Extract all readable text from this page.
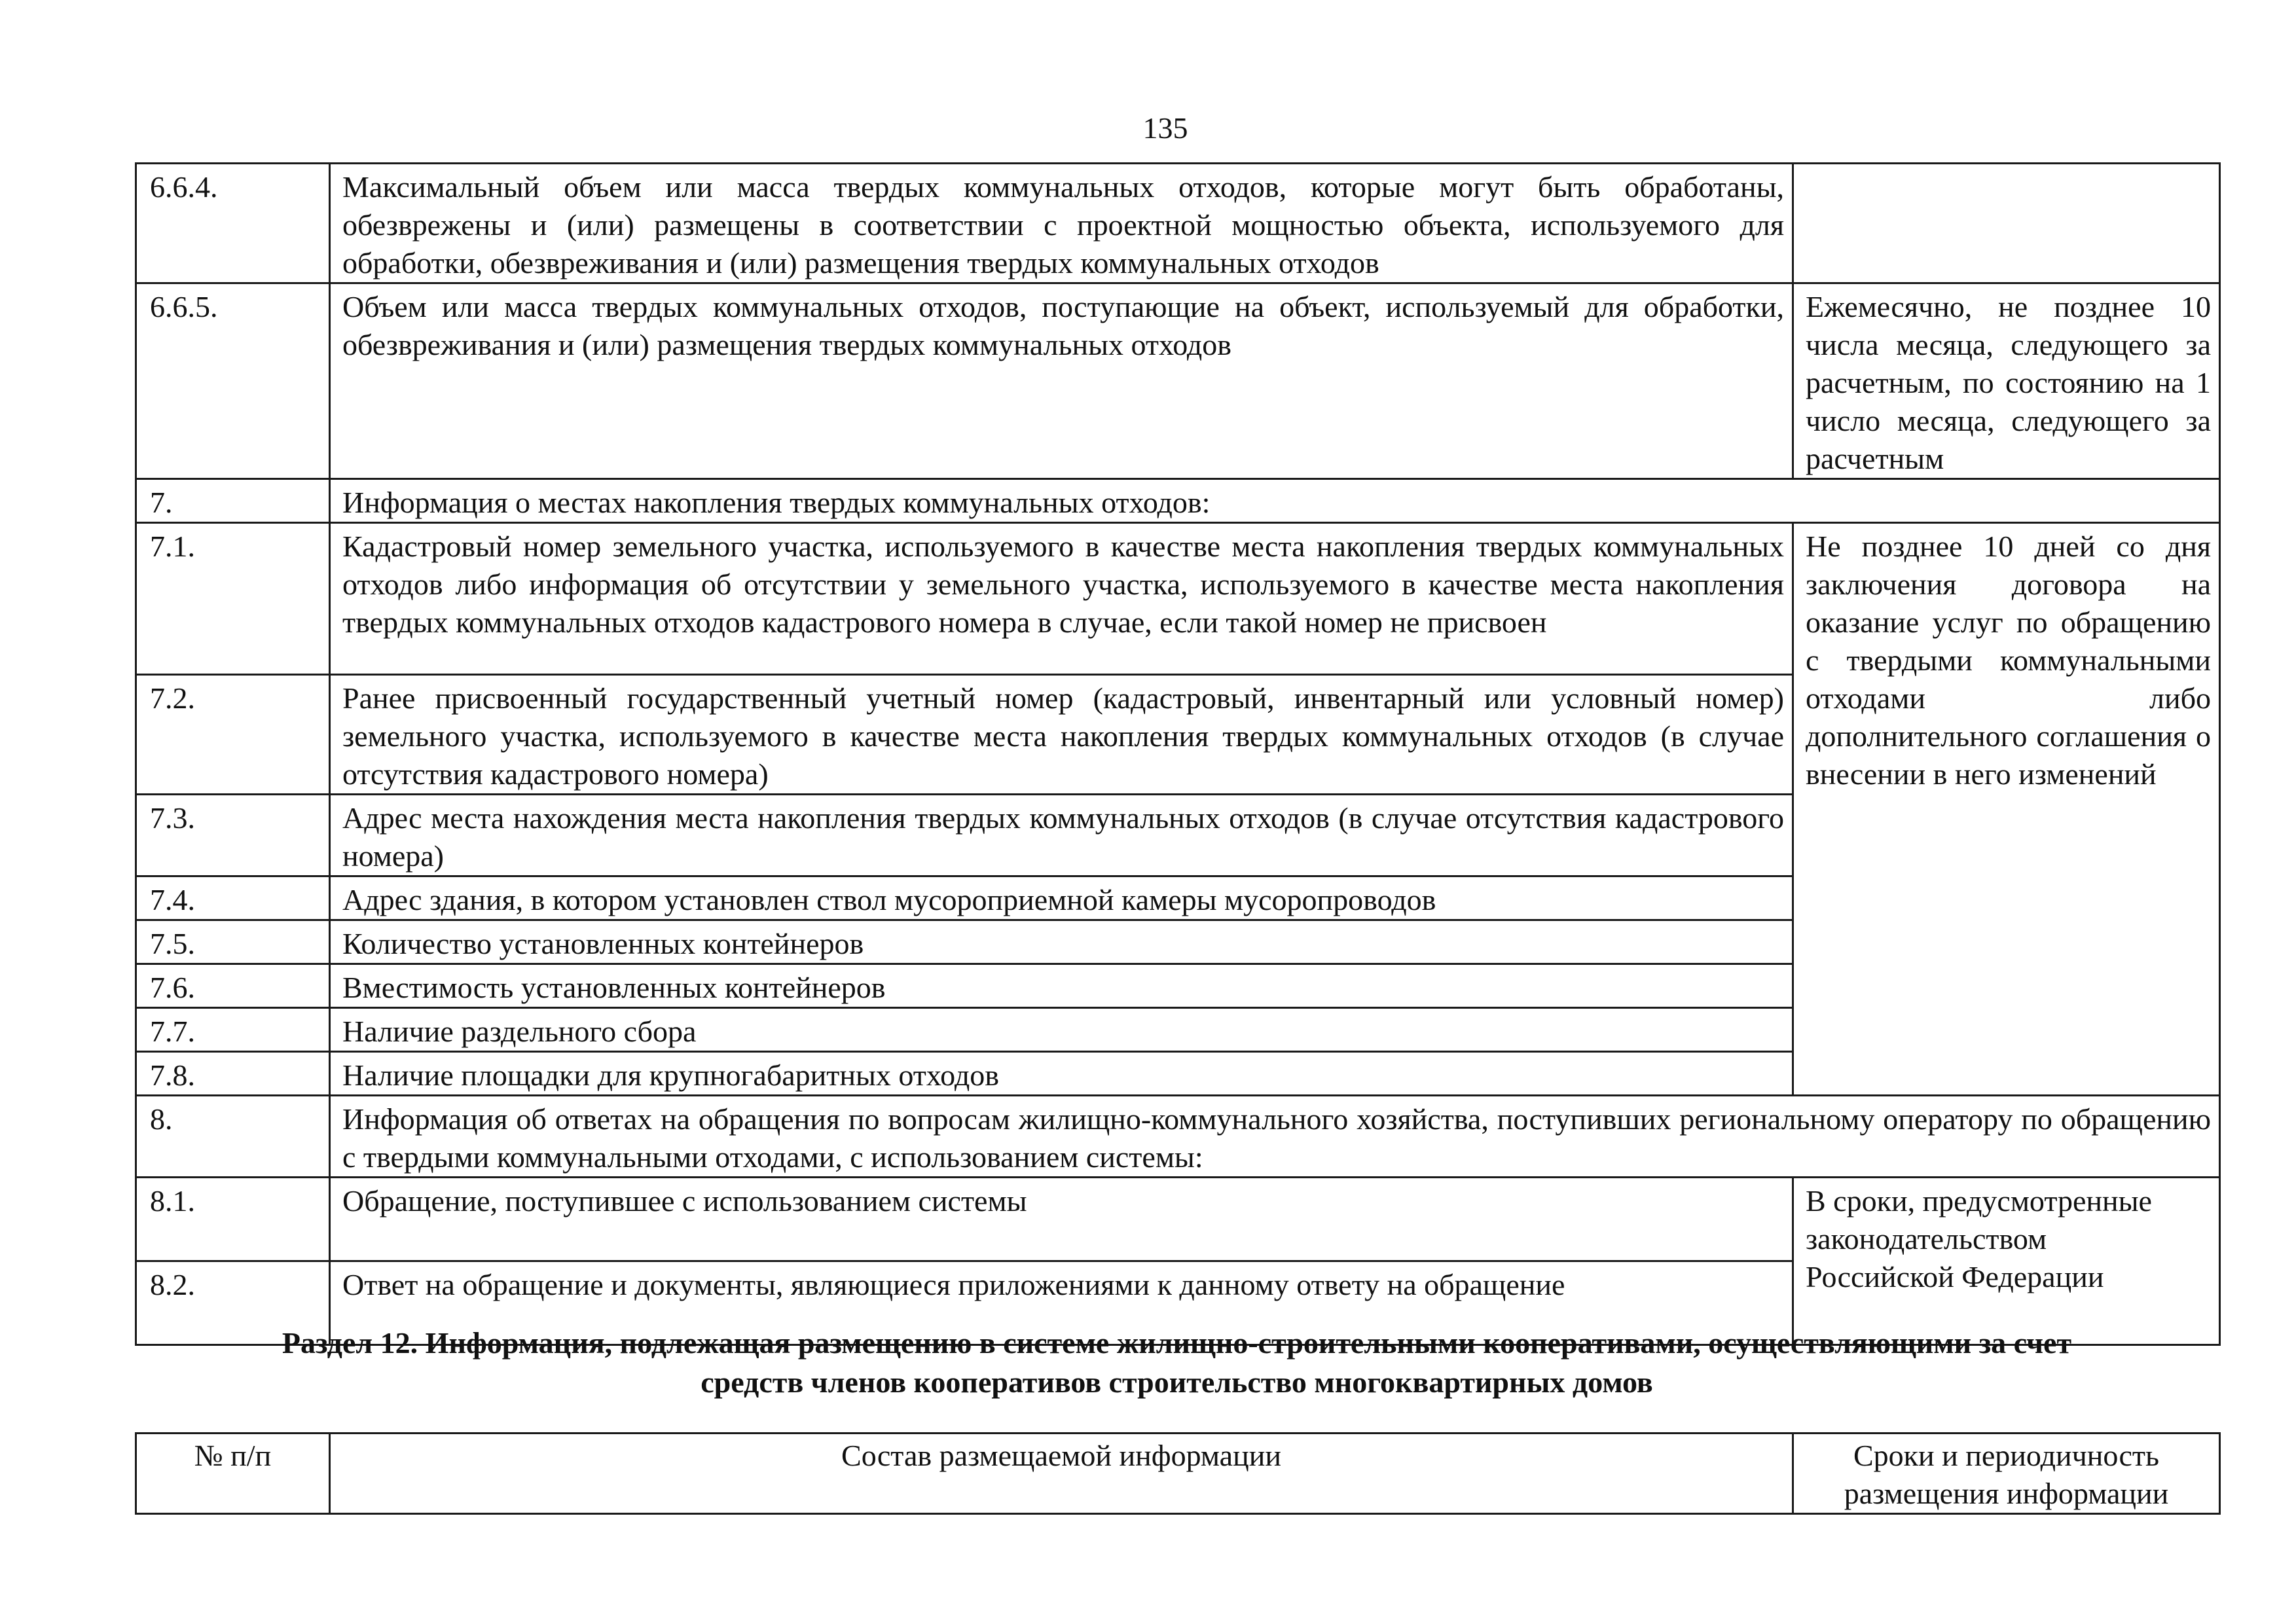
135
6.6.4.	Максимальный объем или масса твердых коммунальных отходов, которые могут быть обработаны, обезврежены и (или) размещены в соответствии с проектной мощностью объекта, используемого для обработки, обезвреживания и (или) размещения твердых коммунальных отходов	
6.6.5.	Объем или масса твердых коммунальных отходов, поступающие на объект, используемый для обработки, обезвреживания и (или) размещения твердых коммунальных отходов	Ежемесячно, не позднее 10 числа месяца, следующего за расчетным, по состоянию на 1 число месяца, следующего за расчетным
7.	Информация о местах накопления твердых коммунальных отходов:	
7.1.	Кадастровый номер земельного участка, используемого в качестве места накопления твердых коммунальных отходов либо информация об отсутствии у земельного участка, используемого в качестве места накопления твердых коммунальных отходов кадастрового номера в случае, если такой номер не присвоен	Не позднее 10 дней со дня заключения договора на оказание услуг по обращению с твердыми коммунальными отходами либо дополнительного соглашения о внесении в него изменений
7.2.	Ранее присвоенный государственный учетный номер (кадастровый, инвентарный или условный номер) земельного участка, используемого в качестве места накопления твердых коммунальных отходов (в случае отсутствия кадастрового номера)	
7.3.	Адрес места нахождения места накопления твердых коммунальных отходов (в случае отсутствия кадастрового номера)	
7.4.	Адрес здания, в котором установлен ствол мусороприемной камеры мусоропроводов	
7.5.	Количество установленных контейнеров	
7.6.	Вместимость установленных контейнеров	
7.7.	Наличие раздельного сбора	
7.8.	Наличие площадки для крупногабаритных отходов	
8.	Информация об ответах на обращения по вопросам жилищно-коммунального хозяйства, поступивших региональному оператору по обращению с твердыми коммунальными отходами, с использованием системы:	
8.1.	Обращение, поступившее с использованием системы	В сроки, предусмотренные
законодательством
Российской Федерации

8.2.	Ответ на обращение и документы, являющиеся приложениями к данному ответу на обращение	
Раздел 12. Информация, подлежащая размещению в системе жилищно-строительными кооперативами, осуществляющими за счет
средств членов кооперативов строительство многоквартирных домов
№ п/п	Состав размещаемой информации	Сроки и периодичность
размещения информации
